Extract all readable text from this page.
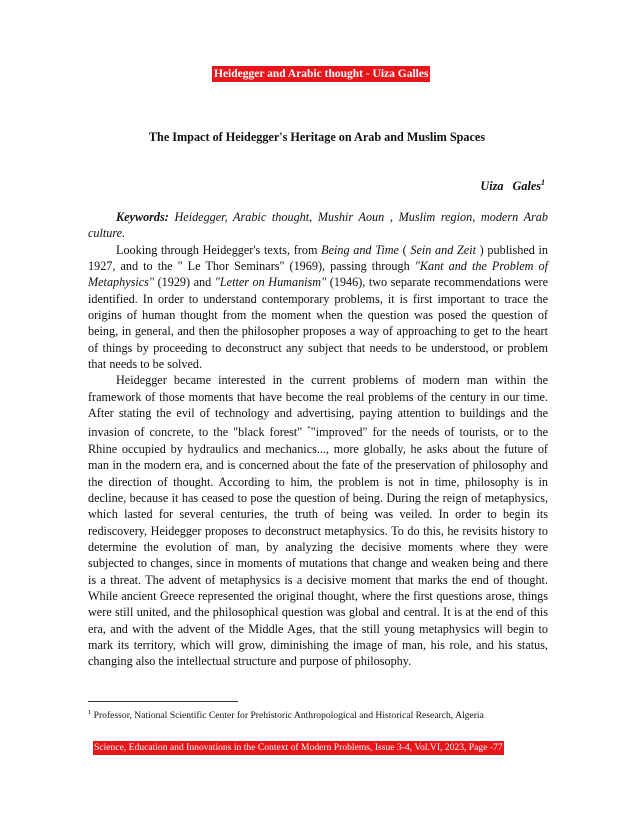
Heidegger and Arabic thought - Uiza Galles
The Impact of Heidegger's Heritage on Arab and Muslim Spaces
Uiza   Gales$^1$

Keywords: Heidegger, Arabic thought, Mushir Aoun , Muslim region, modern Arab culture.

Looking through Heidegger's texts, from Being and Time ( Sein and Zeit ) published in 1927, and to the " Le Thor Seminars" (1969), passing through "Kant and the Problem of Metaphysics" (1929) and "Letter on Humanism" (1946), two separate recommendations were identified. In order to understand contemporary problems, it is first important to trace the origins of human thought from the moment when the question was posed the question of being, in general, and then the philosopher proposes a way of approaching to get to the heart of things by proceeding to deconstruct any subject that needs to be understood, or problem that needs to be solved.

Heidegger became interested in the current problems of modern man within the framework of those moments that have become the real problems of the century in our time. After stating the evil of technology and advertising, paying attention to buildings and the invasion of concrete, to the "black forest" *"improved" for the needs of tourists, or to the Rhine occupied by hydraulics and mechanics..., more globally, he asks about the future of man in the modern era, and is concerned about the fate of the preservation of philosophy and the direction of thought. According to him, the problem is not in time, philosophy is in decline, because it has ceased to pose the question of being. During the reign of metaphysics, which lasted for several centuries, the truth of being was veiled. In order to begin its rediscovery, Heidegger proposes to deconstruct metaphysics. To do this, he revisits history to determine the evolution of man, by analyzing the decisive moments where they were subjected to changes, since in moments of mutations that change and weaken being and there is a threat. The advent of metaphysics is a decisive moment that marks the end of thought. While ancient Greece represented the original thought, where the first questions arose, things were still united, and the philosophical question was global and central. It is at the end of this era, and with the advent of the Middle Ages, that the still young metaphysics will begin to mark its territory, which will grow, diminishing the image of man, his role, and his status, changing also the intellectual structure and purpose of philosophy.

$^1$ Professor, National Scientific Center for Prehistoric Anthropological and Historical Research, Algeria
Science, Education and Innovations in the Context of Modern Problems, Issue 3-4, Vol.VI, 2023, Page -77
